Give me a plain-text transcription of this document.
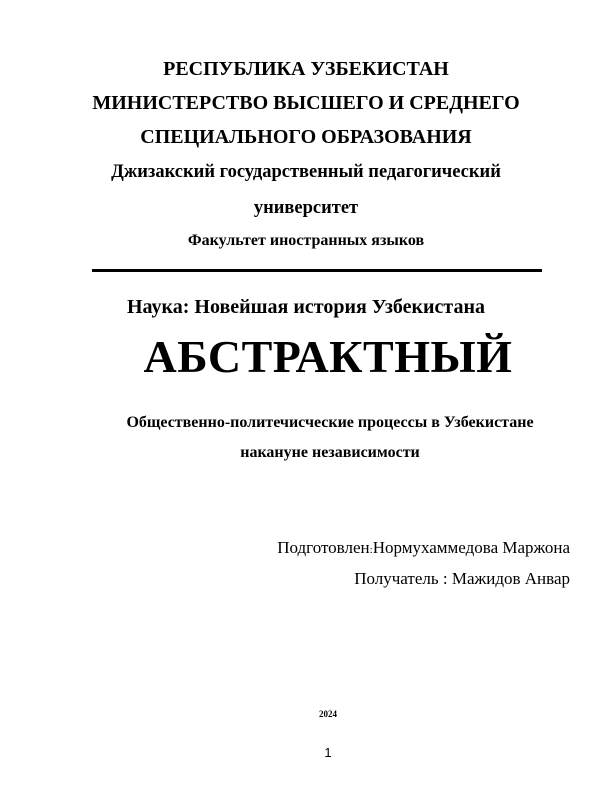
РЕСПУБЛИКА УЗБЕКИСТАН
МИНИСТЕРСТВО ВЫСШЕГО И СРЕДНЕГО
СПЕЦИАЛЬНОГО ОБРАЗОВАНИЯ
Джизакский государственный педагогический
университет
Факультет иностранных языков
Наука: Новейшая история Узбекистана
АБСТРАКТНЫЙ
Общественно-политечисческие процессы в Узбекистане
накануне независимости
Подготовлен:Нормухаммедова Маржона
Получатель : Мажидов Анвар
2024
1
